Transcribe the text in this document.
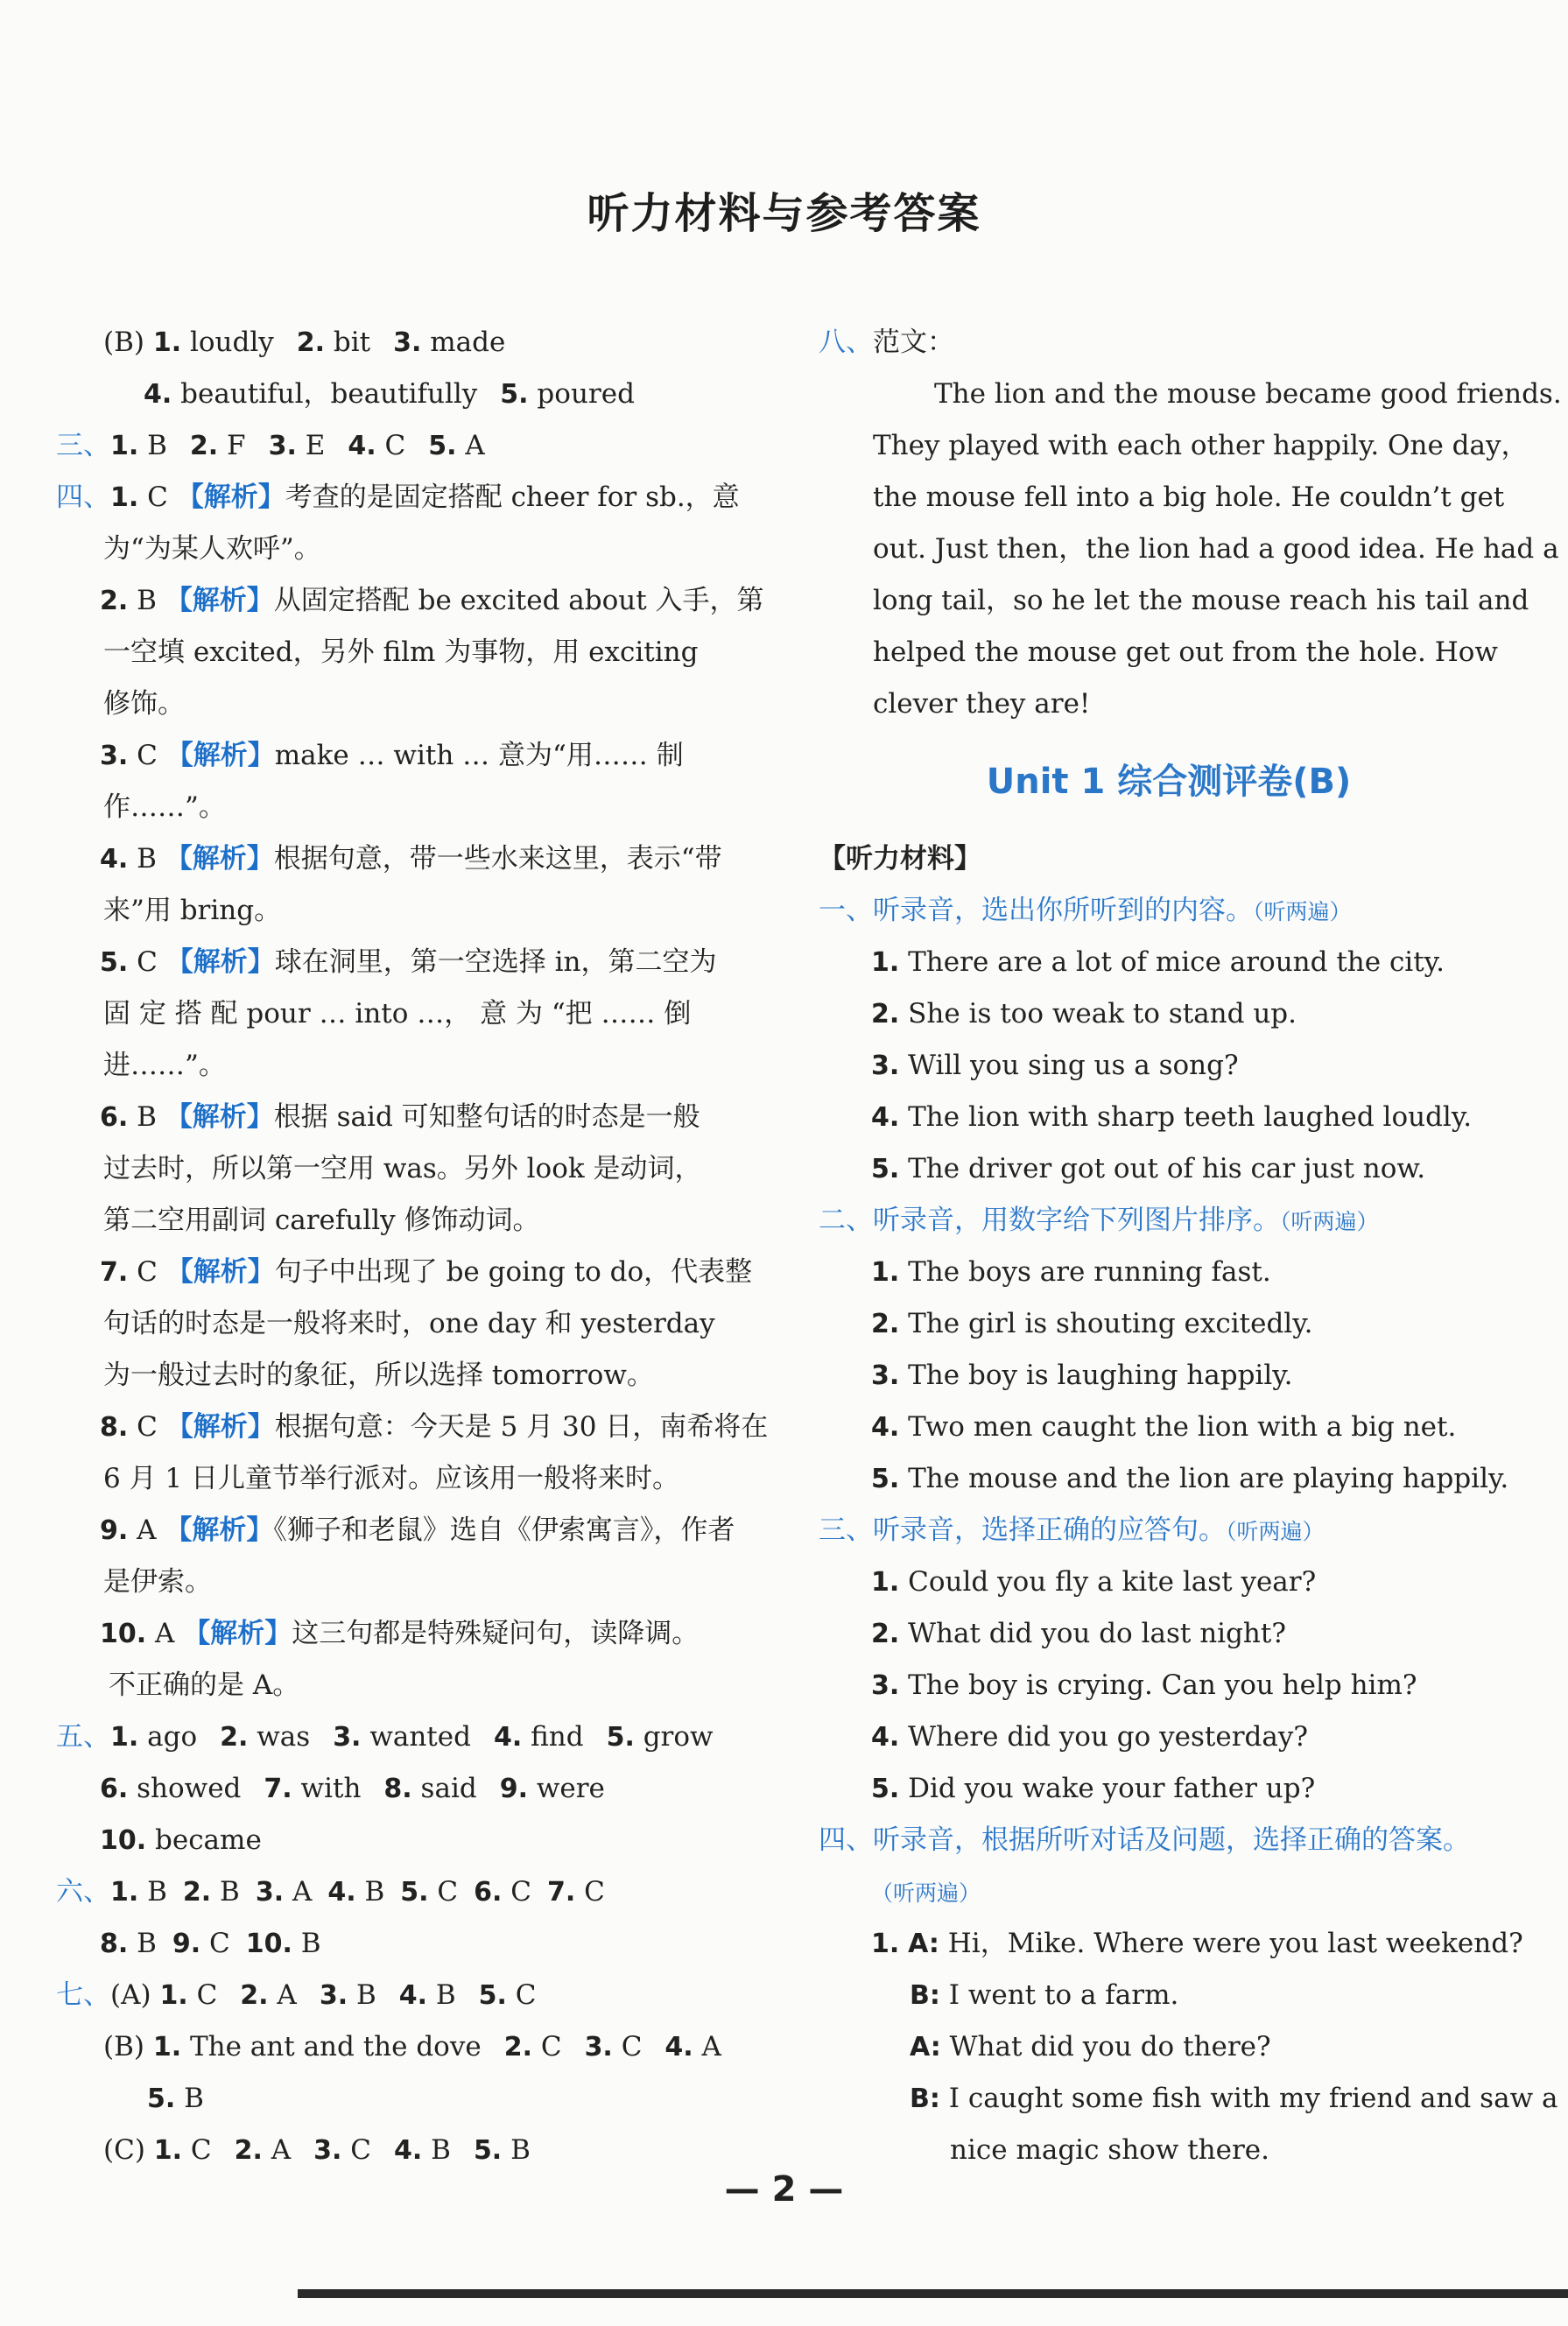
听力材料与参考答案
(B) 1. loudly 2. bit 3. made
4. beautiful，beautifully 5. poured
三、1. B 2. F 3. E 4. C 5. A
四、1. C 【解析】考查的是固定搭配 cheer for sb.，意
为“为某人欢呼”。
2. B 【解析】从固定搭配 be excited about 入手，第
一空填 excited，另外 film 为事物，用 exciting
修饰。
3. C 【解析】make … with … 意为“用…… 制
作……”。
4. B 【解析】根据句意，带一些水来这里，表示“带
来”用 bring。
5. C 【解析】球在洞里，第一空选择 in，第二空为
固 定 搭 配 pour … into …， 意 为 “把 …… 倒
进……”。
6. B 【解析】根据 said 可知整句话的时态是一般
过去时，所以第一空用 was。另外 look 是动词，
第二空用副词 carefully 修饰动词。
7. C 【解析】句子中出现了 be going to do，代表整
句话的时态是一般将来时，one day 和 yesterday
为一般过去时的象征，所以选择 tomorrow。
8. C 【解析】根据句意：今天是 5 月 30 日，南希将在
6 月 1 日儿童节举行派对。应该用一般将来时。
9. A 【解析】《狮子和老鼠》选自《伊索寓言》，作者
是伊索。
10. A 【解析】这三句都是特殊疑问句，读降调。
不正确的是 A。
五、1. ago 2. was 3. wanted 4. find 5. grow
6. showed 7. with 8. said 9. were
10. became
六、1. B 2. B 3. A 4. B 5. C 6. C 7. C
8. B 9. C 10. B
七、(A) 1. C 2. A 3. B 4. B 5. C
(B) 1. The ant and the dove 2. C 3. C 4. A
5. B
(C) 1. C 2. A 3. C 4. B 5. B
八、范文：
The lion and the mouse became good friends.
They played with each other happily. One day，
the mouse fell into a big hole. He couldn’t get
out. Just then，the lion had a good idea. He had a
long tail，so he let the mouse reach his tail and
helped the mouse get out from the hole. How
clever they are!
Unit 1 综合测评卷(B)
【听力材料】
一、听录音，选出你所听到的内容。（听两遍）
1. There are a lot of mice around the city.
2. She is too weak to stand up.
3. Will you sing us a song?
4. The lion with sharp teeth laughed loudly.
5. The driver got out of his car just now.
二、听录音，用数字给下列图片排序。（听两遍）
1. The boys are running fast.
2. The girl is shouting excitedly.
3. The boy is laughing happily.
4. Two men caught the lion with a big net.
5. The mouse and the lion are playing happily.
三、听录音，选择正确的应答句。（听两遍）
1. Could you fly a kite last year?
2. What did you do last night?
3. The boy is crying. Can you help him?
4. Where did you go yesterday?
5. Did you wake your father up?
四、听录音，根据所听对话及问题，选择正确的答案。
（听两遍）
1. A: Hi，Mike. Where were you last weekend?
B: I went to a farm.
A: What did you do there?
B: I caught some fish with my friend and saw a
nice magic show there.
— 2 —
